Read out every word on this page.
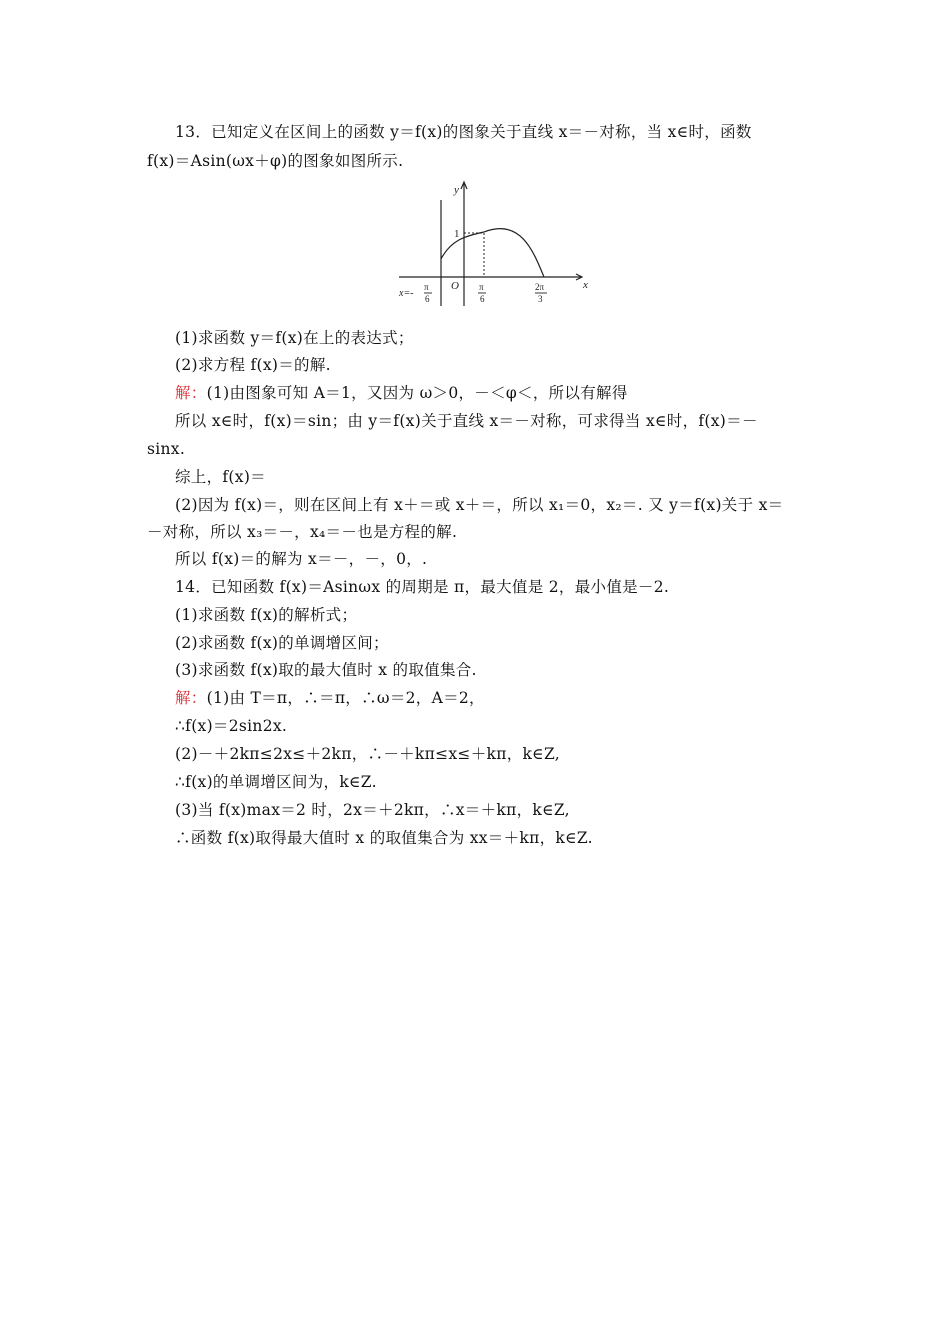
13．已知定义在区间上的函数 y＝f(x)的图象关于直线 x＝－对称，当 x∈时，函数
f(x)＝Asin(ωx＋φ)的图象如图所示.
y
x
O
1
x=-
π
6
π
6
2π
3
(1)求函数 y＝f(x)在上的表达式；
(2)求方程 f(x)＝的解.
解：(1)由图象可知 A＝1，又因为 ω＞0，－＜φ＜，所以有解得
所以 x∈时，f(x)＝sin；由 y＝f(x)关于直线 x＝－对称，可求得当 x∈时，f(x)＝－
sinx.
综上，f(x)＝
(2)因为 f(x)＝，则在区间上有 x＋＝或 x＋＝，所以 x₁＝0，x₂＝. 又 y＝f(x)关于 x＝
－对称，所以 x₃＝－，x₄＝－也是方程的解.
所以 f(x)＝的解为 x＝－，－，0，.
14．已知函数 f(x)＝Asinωx 的周期是 π，最大值是 2，最小值是－2.
(1)求函数 f(x)的解析式；
(2)求函数 f(x)的单调增区间；
(3)求函数 f(x)取的最大值时 x 的取值集合.
解：(1)由 T＝π，∴＝π，∴ω＝2，A＝2，
∴f(x)＝2sin2x.
(2)－＋2kπ≤2x≤＋2kπ，∴－＋kπ≤x≤＋kπ，k∈Z,
∴f(x)的单调增区间为，k∈Z.
(3)当 f(x)max＝2 时，2x＝＋2kπ，∴x＝＋kπ，k∈Z,
∴函数 f(x)取得最大值时 x 的取值集合为 xx＝＋kπ，k∈Z.
